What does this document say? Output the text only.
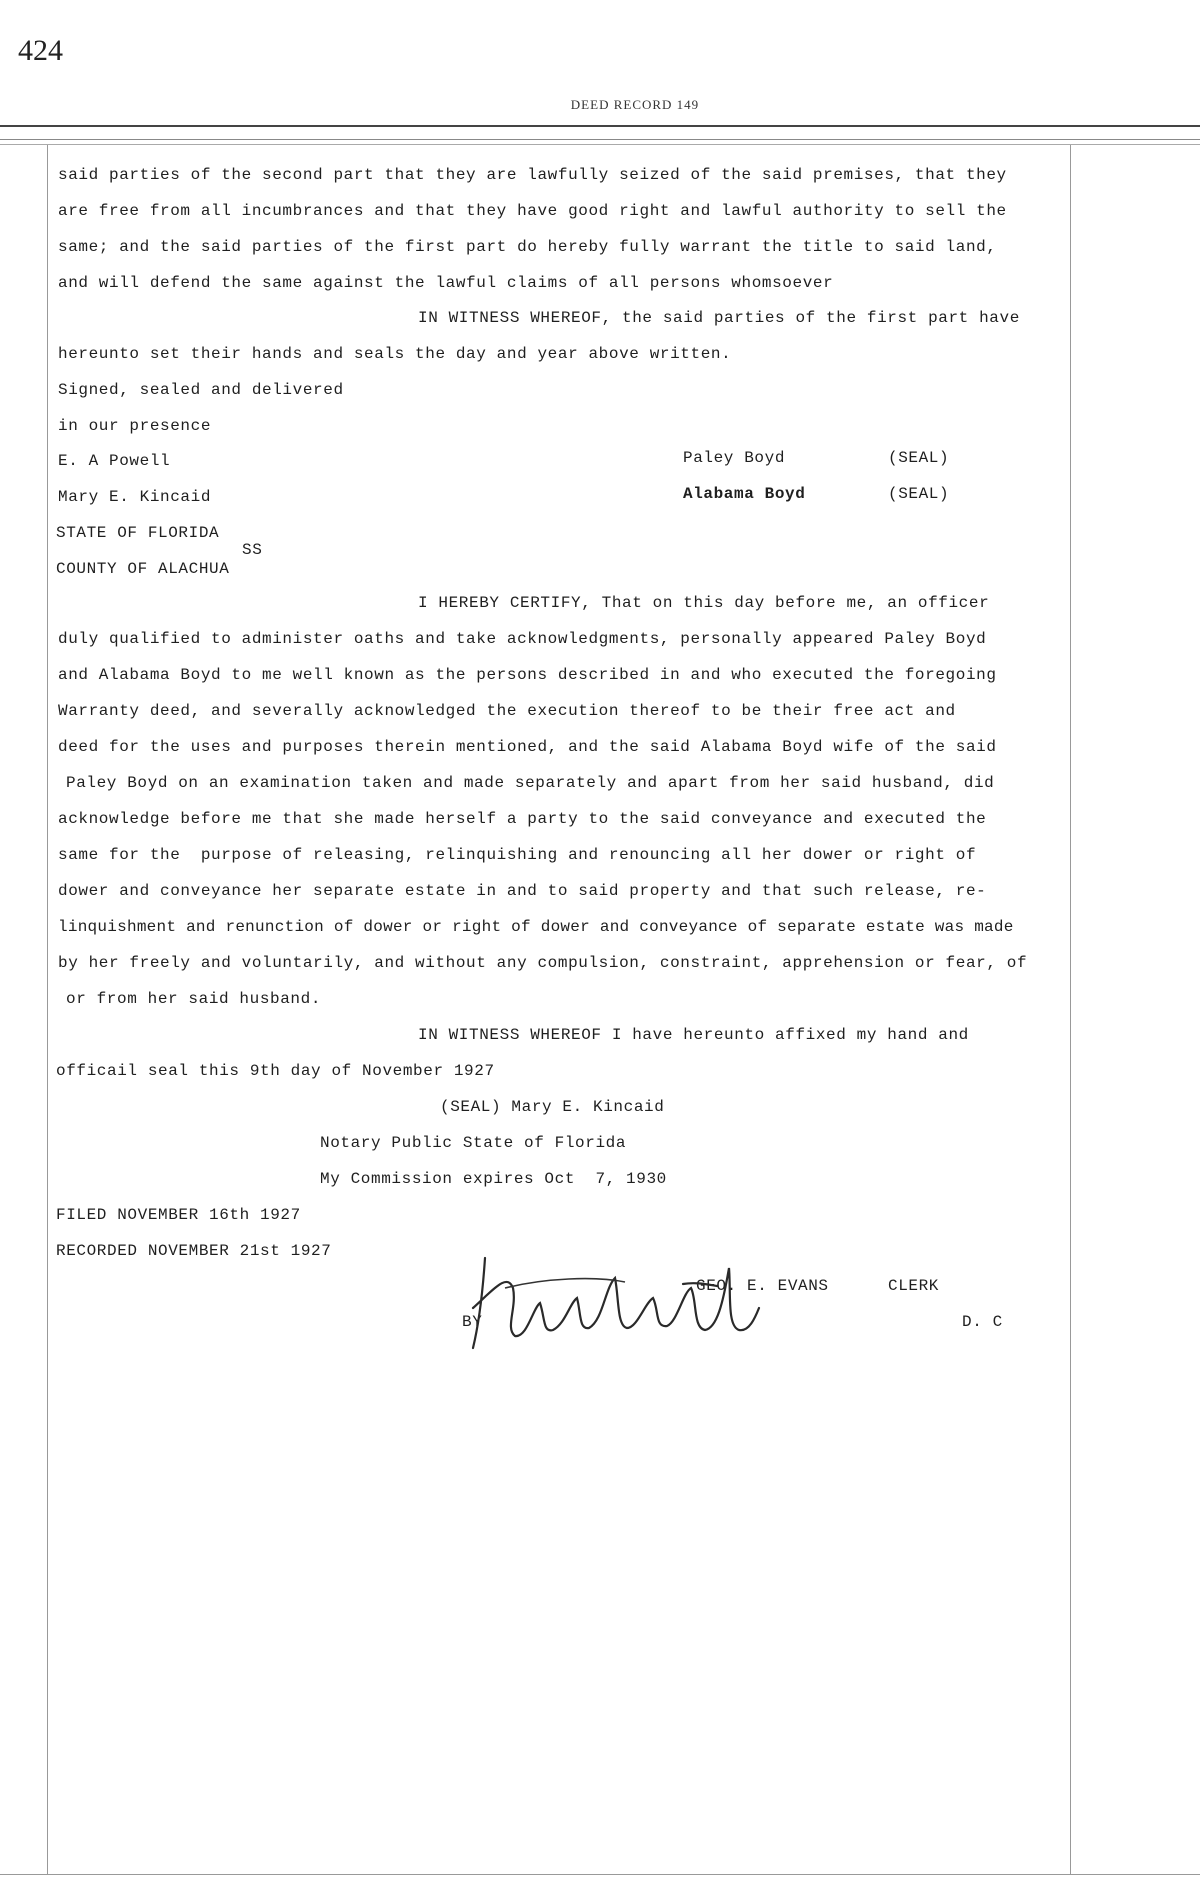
424
DEED RECORD 149
said parties of the second part that they are lawfully seized of the said premises, that they
are free from all incumbrances and that they have good right and lawful authority to sell the
same; and the said parties of the first part do hereby fully warrant the title to said land,
and will defend the same against the lawful claims of all persons whomsoever
IN WITNESS WHEREOF, the said parties of the first part have
hereunto set their hands and seals the day and year above written.
Signed, sealed and delivered
in our presence
E. A Powell	Paley Boyd	(SEAL)
Mary E. Kincaid	Alabama Boyd	(SEAL)
STATE OF FLORIDA
SS
COUNTY OF ALACHUA
I HEREBY CERTIFY, That on this day before me, an officer
duly qualified to administer oaths and take acknowledgments, personally appeared Paley Boyd
and Alabama Boyd to me well known as the persons described in and who executed the foregoing
Warranty deed, and severally acknowledged the execution thereof to be their free act and
deed for the uses and purposes therein mentioned, and the said Alabama Boyd wife of the said
Paley Boyd on an examination taken and made separately and apart from her said husband, did
acknowledge before me that she made herself a party to the said conveyance and executed the
same for the  purpose of releasing, relinquishing and renouncing all her dower or right of
dower and conveyance her separate estate in and to said property and that such release, re-
linquishment and renunction of dower or right of dower and conveyance of separate estate was made
by her freely and voluntarily, and without any compulsion, constraint, apprehension or fear, of
or from her said husband.
IN WITNESS WHEREOF I have hereunto affixed my hand and
officail seal this 9th day of November 1927
(SEAL) Mary E. Kincaid
Notary Public State of Florida
My Commission expires Oct  7, 1930
FILED NOVEMBER 16th 1927
RECORDED NOVEMBER 21st 1927
GEO. E. EVANS	CLERK
BY	D. C
